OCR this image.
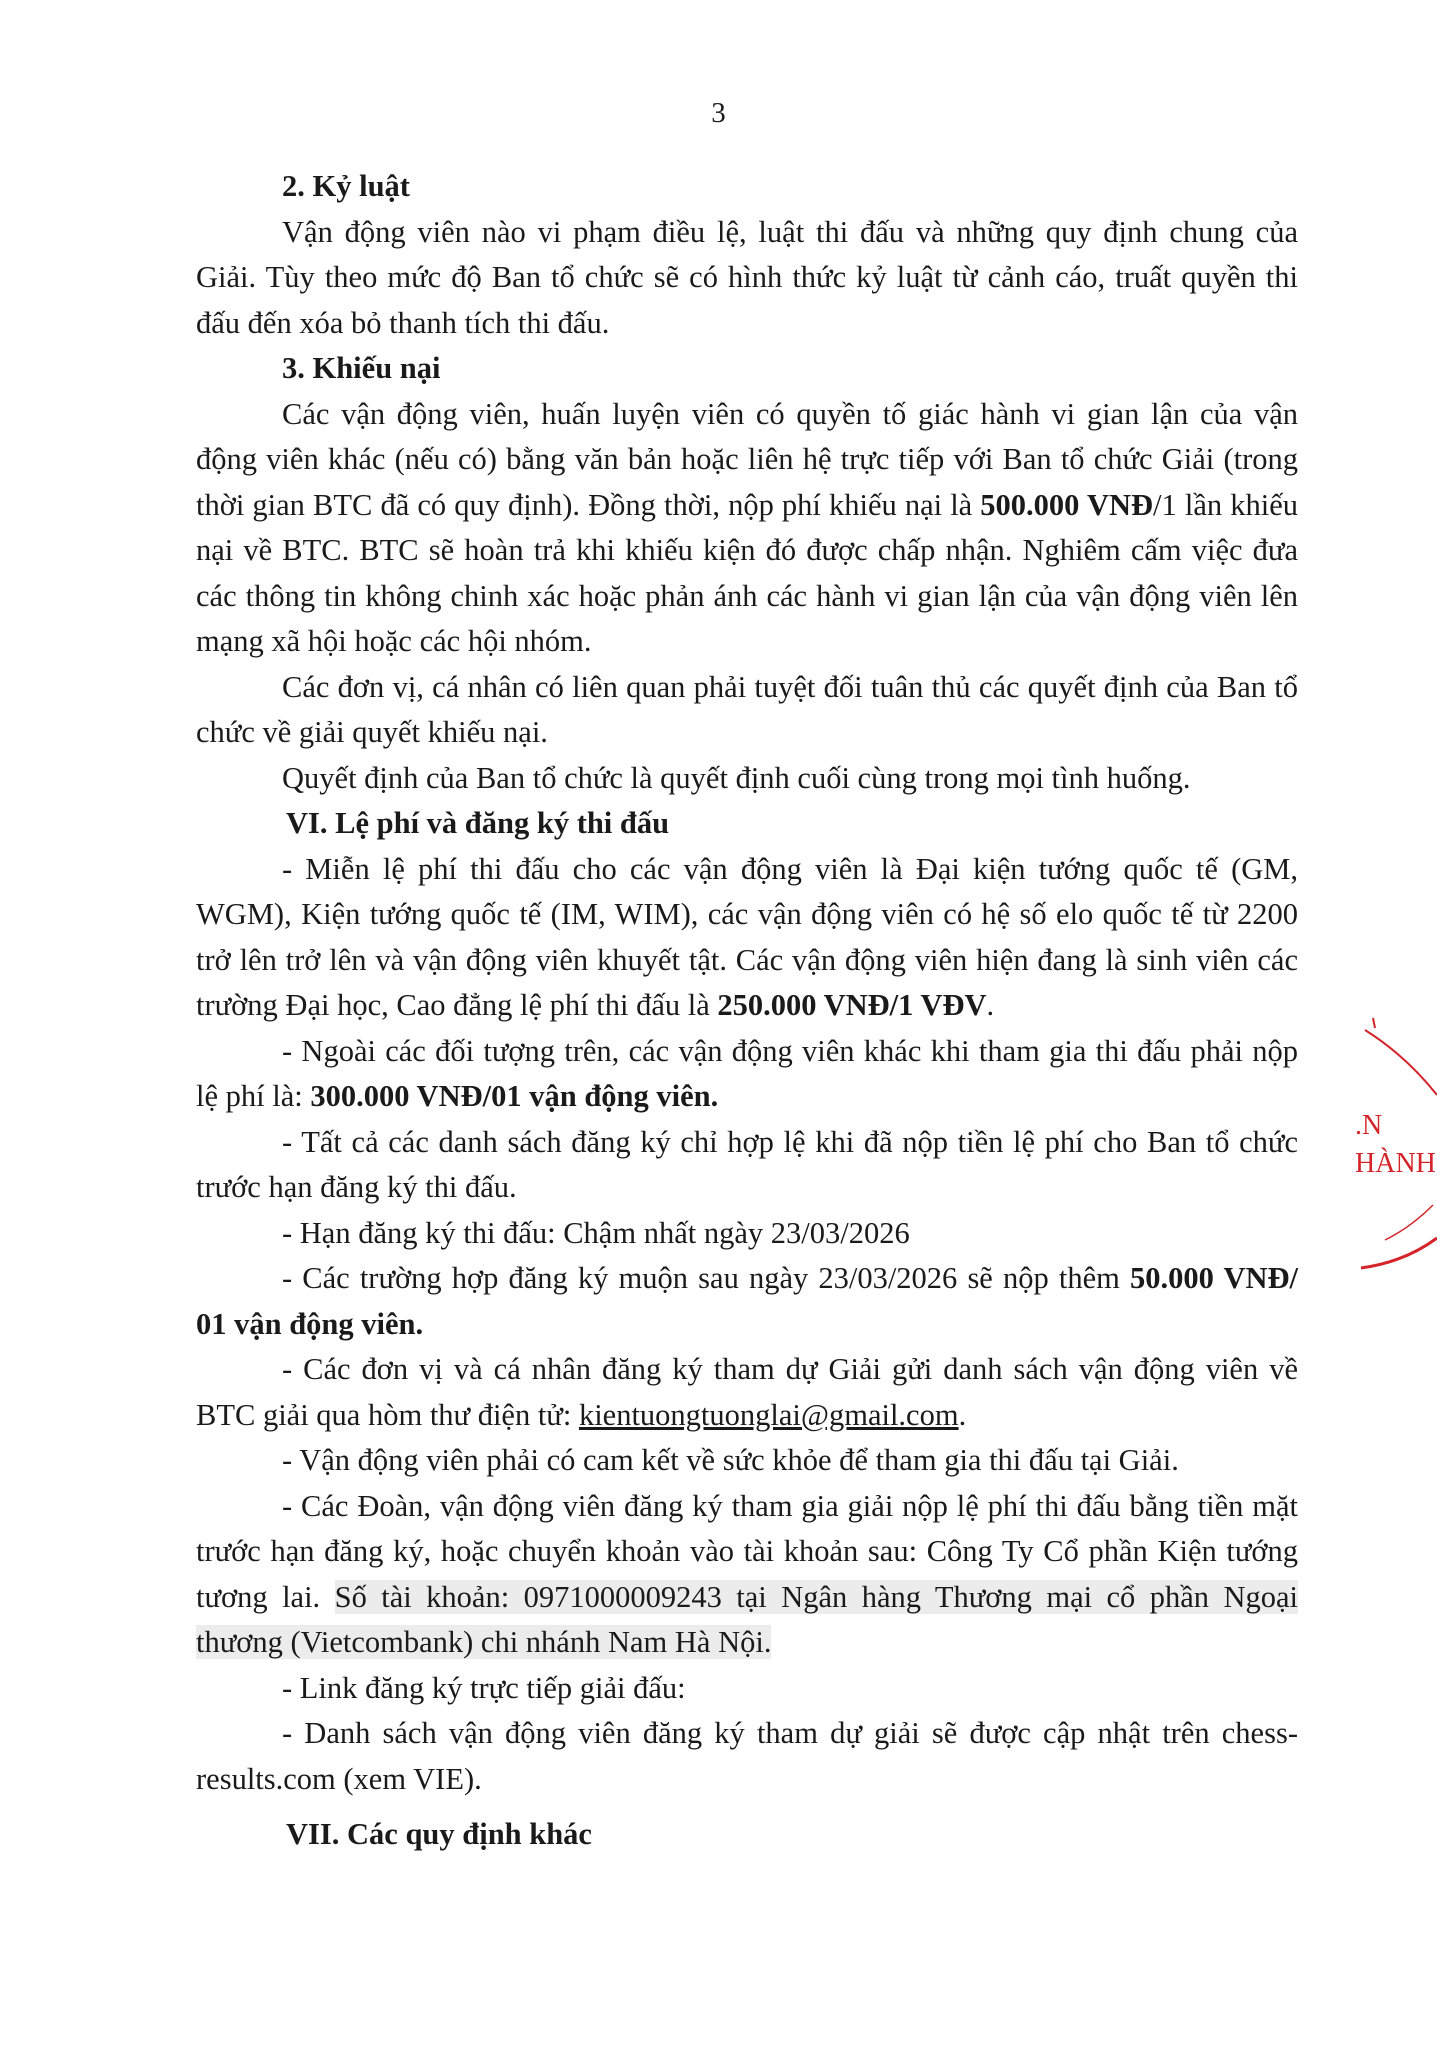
3

2. Kỷ luật

Vận động viên nào vi phạm điều lệ, luật thi đấu và những quy định chung của Giải. Tùy theo mức độ Ban tổ chức sẽ có hình thức kỷ luật từ cảnh cáo, truất quyền thi đấu đến xóa bỏ thanh tích thi đấu.

3. Khiếu nại

Các vận động viên, huấn luyện viên có quyền tố giác hành vi gian lận của vận động viên khác (nếu có) bằng văn bản hoặc liên hệ trực tiếp với Ban tổ chức Giải (trong thời gian BTC đã có quy định). Đồng thời, nộp phí khiếu nại là 500.000 VNĐ/1 lần khiếu nại về BTC. BTC sẽ hoàn trả khi khiếu kiện đó được chấp nhận. Nghiêm cấm việc đưa các thông tin không chinh xác hoặc phản ánh các hành vi gian lận của vận động viên lên mạng xã hội hoặc các hội nhóm.

Các đơn vị, cá nhân có liên quan phải tuyệt đối tuân thủ các quyết định của Ban tổ chức về giải quyết khiếu nại.

Quyết định của Ban tổ chức là quyết định cuối cùng trong mọi tình huống.

VI. Lệ phí và đăng ký thi đấu

- Miễn lệ phí thi đấu cho các vận động viên là Đại kiện tướng quốc tế (GM, WGM), Kiện tướng quốc tế (IM, WIM), các vận động viên có hệ số elo quốc tế từ 2200 trở lên trở lên và vận động viên khuyết tật. Các vận động viên hiện đang là sinh viên các trường Đại học, Cao đẳng lệ phí thi đấu là 250.000 VNĐ/1 VĐV.

- Ngoài các đối tượng trên, các vận động viên khác khi tham gia thi đấu phải nộp lệ phí là: 300.000 VNĐ/01 vận động viên.

- Tất cả các danh sách đăng ký chỉ hợp lệ khi đã nộp tiền lệ phí cho Ban tổ chức trước hạn đăng ký thi đấu.

- Hạn đăng ký thi đấu: Chậm nhất ngày 23/03/2026

- Các trường hợp đăng ký muộn sau ngày 23/03/2026 sẽ nộp thêm 50.000 VNĐ/ 01 vận động viên.

- Các đơn vị và cá nhân đăng ký tham dự Giải gửi danh sách vận động viên về BTC giải qua hòm thư điện tử: kientuongtuonglai@gmail.com.

- Vận động viên phải có cam kết về sức khỏe để tham gia thi đấu tại Giải.

- Các Đoàn, vận động viên đăng ký tham gia giải nộp lệ phí thi đấu bằng tiền mặt trước hạn đăng ký, hoặc chuyển khoản vào tài khoản sau: Công Ty Cổ phần Kiện tướng tương lai. Số tài khoản: 0971000009243 tại Ngân hàng Thương mại cổ phần Ngoại thương (Vietcombank) chi nhánh Nam Hà Nội.

- Link đăng ký trực tiếp giải đấu:

- Danh sách vận động viên đăng ký tham dự giải sẽ được cập nhật trên chess-results.com (xem VIE).

VII. Các quy định khác

.N
HÀNH
